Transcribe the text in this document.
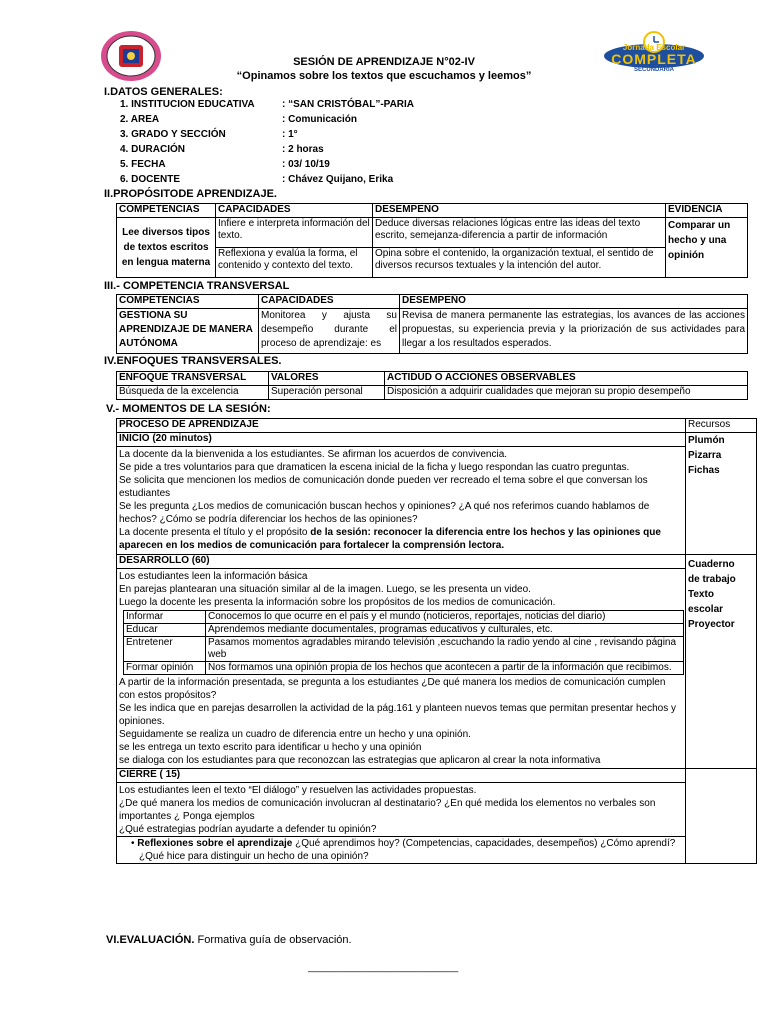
Jornada Escolar
COMPLETA
SECUNDARIA
SESIÓN DE APRENDIZAJE N°02-IV
“Opinamos sobre los textos que escuchamos y leemos”
I.DATOS GENERALES:
1. INSTITUCION EDUCATIVA	: “SAN CRISTÓBAL”-PARIA
2. AREA	: Comunicación
3. GRADO Y SECCIÓN	: 1°
4. DURACIÓN	: 2 horas
5. FECHA	: 03/ 10/19
6. DOCENTE	: Chávez Quijano, Erika
II.PROPÓSITODE APRENDIZAJE.
COMPETENCIAS	CAPACIDADES	DESEMPEÑO	EVIDENCIA
Lee diversos tipos de textos escritos en lengua materna	Infiere e interpreta información del texto.	Deduce diversas relaciones lógicas entre las ideas del texto escrito, semejanza-diferencia a partir de información	Comparar un hecho y una opinión
	Reflexiona y evalúa la forma, el contenido y contexto del texto.	Opina sobre el contenido, la organización textual, el sentido de diversos recursos textuales y la intención del autor.	
III.- COMPETENCIA TRANSVERSAL
COMPETENCIAS	CAPACIDADES	DESEMPEÑO
GESTIONA SU APRENDIZAJE DE MANERA AUTÓNOMA	Monitorea y ajusta su desempeño durante el proceso de aprendizaje: es	Revisa de manera permanente las estrategias, los avances de las acciones propuestas, su experiencia previa y la priorización de sus actividades para llegar a los resultados esperados.
IV.ENFOQUES TRANSVERSALES.
ENFOQUE TRANSVERSAL	VALORES	ACTIDUD O ACCIONES OBSERVABLES
Búsqueda de la excelencia	Superación personal	Disposición a adquirir cualidades que mejoran su propio desempeño
V.- MOMENTOS DE LA SESIÓN:
PROCESO DE APRENDIZAJE	Recursos
INICIO (20 minutos)	Plumón
Pizarra
Fichas

La docente da la bienvenida a los estudiantes. Se afirman los acuerdos de convivencia.
Se pide a tres voluntarios para que dramaticen la escena inicial de la ficha y luego respondan las cuatro preguntas.
Se solicita que mencionen los medios de comunicación donde pueden ver recreado el tema sobre el que conversan los estudiantes
Se les pregunta ¿Los medios de comunicación buscan hechos y opiniones? ¿A qué nos referimos cuando hablamos de hechos? ¿Cómo se podría diferenciar los hechos de las opiniones?
La docente presenta el título y el propósito de la sesión: reconocer la diferencia entre los hechos y las opiniones que aparecen en los medios de comunicación para fortalecer la comprensión lectora.

DESARROLLO (60)	Cuaderno
de trabajo
Texto
escolar
Proyector

Los estudiantes leen la información básica
En parejas plantearan una situación similar al de la imagen. Luego, se les presenta un video.
Luego la docente les presenta la información sobre los propósitos de los medios de comunicación.
Informar	Conocemos lo que ocurre en el país y el mundo (noticieros, reportajes, noticias del diario)
Educar	Aprendemos mediante documentales, programas educativos y culturales, etc.
Entretener	Pasamos momentos agradables mirando televisión ,escuchando la radio yendo al cine , revisando página web
Formar opinión	Nos formamos una opinión propia de los hechos que acontecen a partir de la información que recibimos.
A partir de la información presentada, se pregunta a los estudiantes ¿De qué manera los medios de comunicación cumplen con estos propósitos?
Se les indica que en parejas desarrollen la actividad de la pág.161 y planteen nuevos temas que permitan presentar hechos y opiniones.
Seguidamente se realiza un cuadro de diferencia entre un hecho y una opinión.
se les entrega un texto escrito para identificar u hecho y una opinión
se dialoga con los estudiantes para que reconozcan las estrategias que aplicaron al crear la nota informativa

CIERRE ( 15)	

Los estudiantes leen el texto “El diálogo” y resuelven las actividades propuestas.
¿De qué manera los medios de comunicación involucran al destinatario? ¿En qué medida los elementos no verbales son importantes ¿ Ponga ejemplos
¿Qué estrategias podrían ayudarte a defender tu opinión?

• Reflexiones sobre el aprendizaje ¿Qué aprendimos hoy? (Competencias, capacidades, desempeños) ¿Cómo aprendí?
¿Qué hice para distinguir un hecho de una opinión?
VI.EVALUACIÓN. Formativa guía de observación.
___________________________
